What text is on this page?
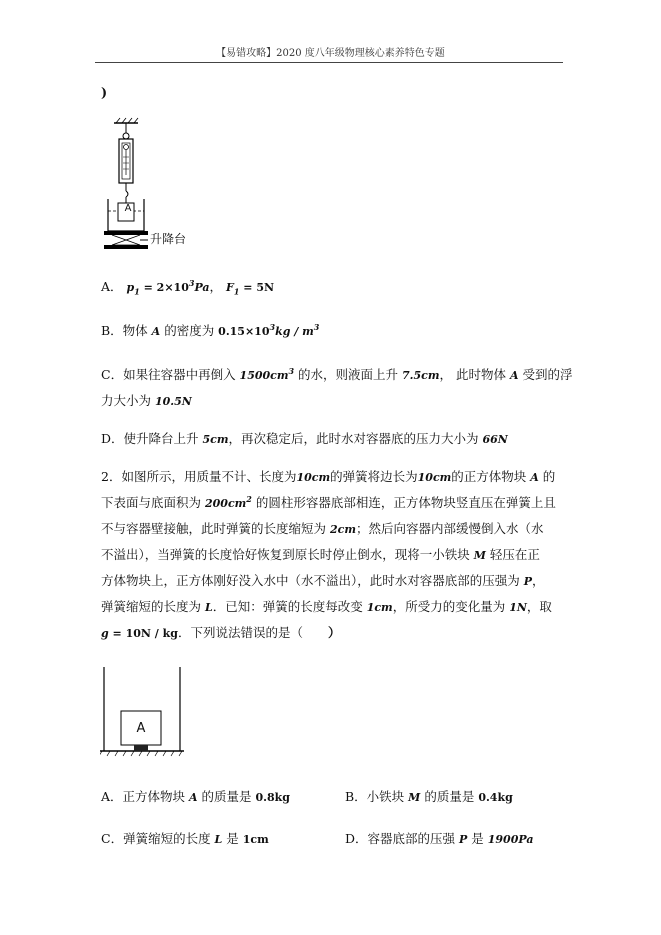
【易错攻略】2020 度八年级物理核心素养特色专题
)
A
升降台
A． $p_1 = 2\times 10^3Pa$， $F_1 = 5N$
B．物体 A 的密度为 $0.15\times 10^3kg / m^3$
C．如果往容器中再倒入 $1500cm^3$ 的水，则液面上升 7.5cm， 此时物体 A 受到的浮
力大小为 10.5N
D．使升降台上升 5cm，再次稳定后，此时水对容器底的压力大小为 66N
2．如图所示，用质量不计、长度为10cm的弹簧将边长为10cm的正方体物块 A 的
下表面与底面积为 $200cm^2$ 的圆柱形容器底部相连，正方体物块竖直压在弹簧上且
不与容器壁接触，此时弹簧的长度缩短为 2cm；然后向容器内部缓慢倒入水（水
不溢出），当弹簧的长度恰好恢复到原长时停止倒水，现将一小铁块 M 轻压在正
方体物块上，正方体刚好没入水中（水不溢出），此时水对容器底部的压强为 P，
弹簧缩短的长度为 L．已知：弹簧的长度每改变 1cm，所受力的变化量为 1N，取
g = 10N / kg．下列说法错误的是（　　）
A
A．正方体物块 A 的质量是 0.8kg	B．小铁块 M 的质量是 0.4kg
C．弹簧缩短的长度 L 是 1cm	D．容器底部的压强 P 是 1900Pa
